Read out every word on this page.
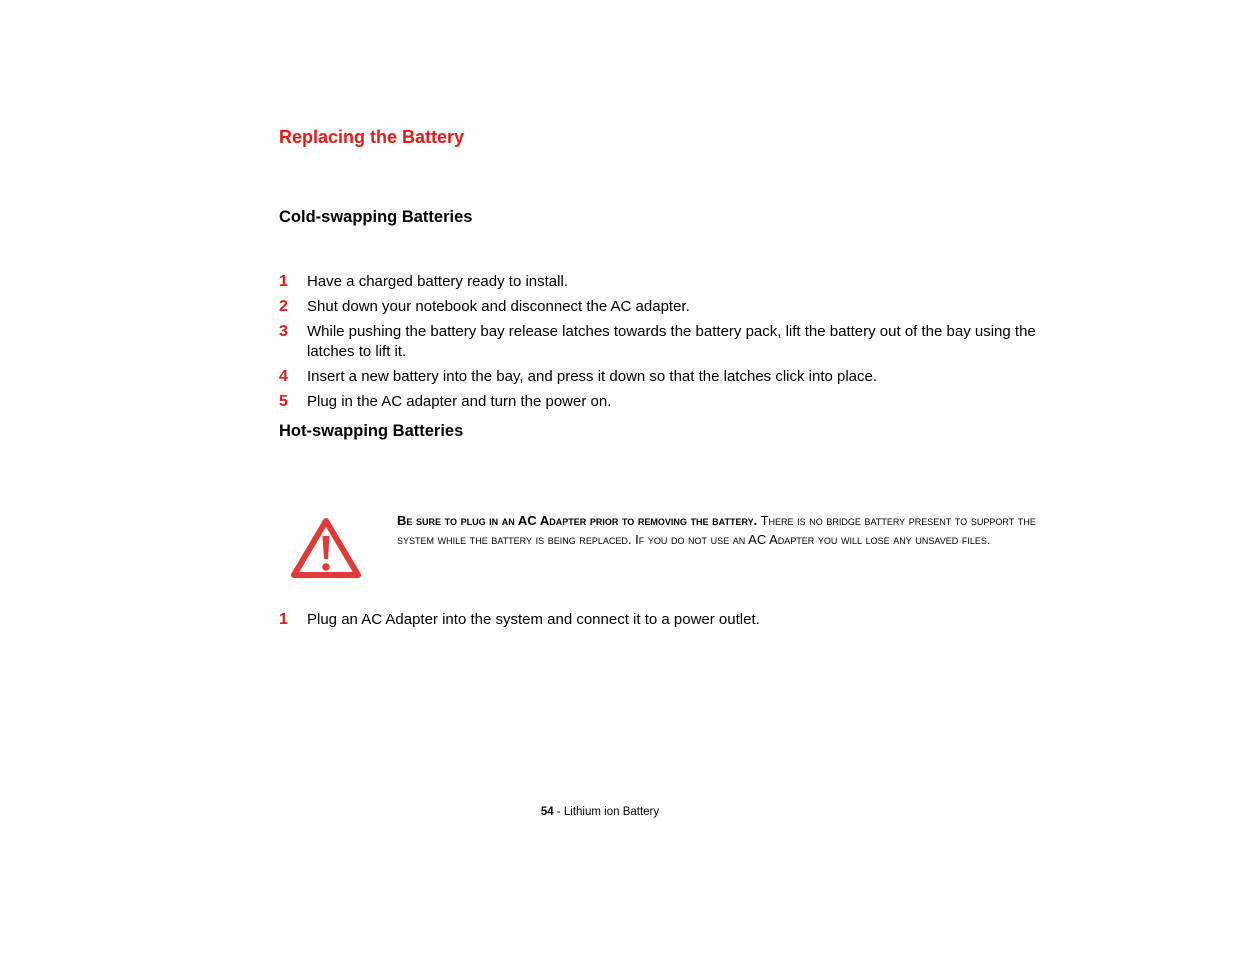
Replacing the Battery
Cold-swapping Batteries
1 Have a charged battery ready to install.
2 Shut down your notebook and disconnect the AC adapter.
3 While pushing the battery bay release latches towards the battery pack, lift the battery out of the bay using the latches to lift it.
4 Insert a new battery into the bay, and press it down so that the latches click into place.
5 Plug in the AC adapter and turn the power on.
Hot-swapping Batteries

Be sure to plug in an AC Adapter prior to removing the battery. There is no bridge battery present to support the system while the battery is being replaced. If you do not use an AC Adapter you will lose any unsaved files.

1 Plug an AC Adapter into the system and connect it to a power outlet.
54 - Lithium ion Battery
